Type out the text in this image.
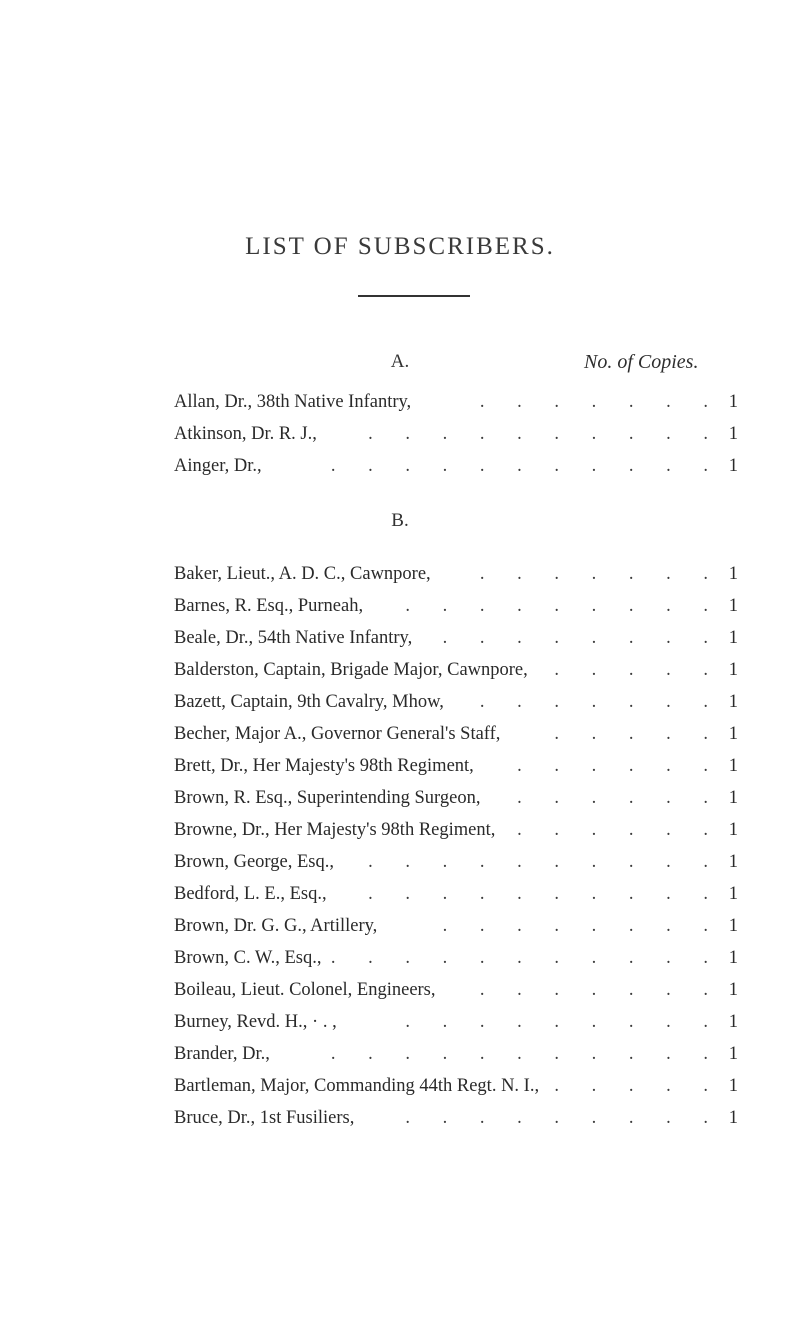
LIST OF SUBSCRIBERS.
A.	No. of Copies.
Allan, Dr., 38th Native Infantry,	. . . . . . . 1
Atkinson, Dr. R. J.,	. . . . . . . . . . 1
Ainger, Dr.,	. . . . . . . . . . . 1
B.
Baker, Lieut., A. D. C., Cawnpore,	. . . . . . . 1
Barnes, R. Esq., Purneah, . . . . . . . . . 1
Beale, Dr., 54th Native Infantry, . . . . . . . . 1
Balderston, Captain, Brigade Major, Cawnpore, . . . . . 1
Bazett, Captain, 9th Cavalry, Mhow, . . . . . . . 1
Becher, Major A., Governor General's Staff,	. . . . . 1
Brett, Dr., Her Majesty's 98th Regiment, . . . . . . 1
Brown, R. Esq., Superintending Surgeon, . . . . . . 1
Browne, Dr., Her Majesty's 98th Regiment, . . . . . . 1
Brown, George, Esq., . . . . . . . . . . 1
Bedford, L. E., Esq., . . . . . . . . . . 1
Brown, Dr. G. G., Artillery,	. . . . . . . . 1
Brown, C. W., Esq., . . . . . . . . . . . 1
Boileau, Lieut. Colonel, Engineers, . . . . . . . 1
Burney, Revd. H., · . ,	. . . . . . . . . 1
Brander, Dr.,	. . . . . . . . . . . 1
Bartleman, Major, Commanding 44th Regt. N. I., . . . . . 1
Bruce, Dr., 1st Fusiliers,	. . . . . . . . . 1
